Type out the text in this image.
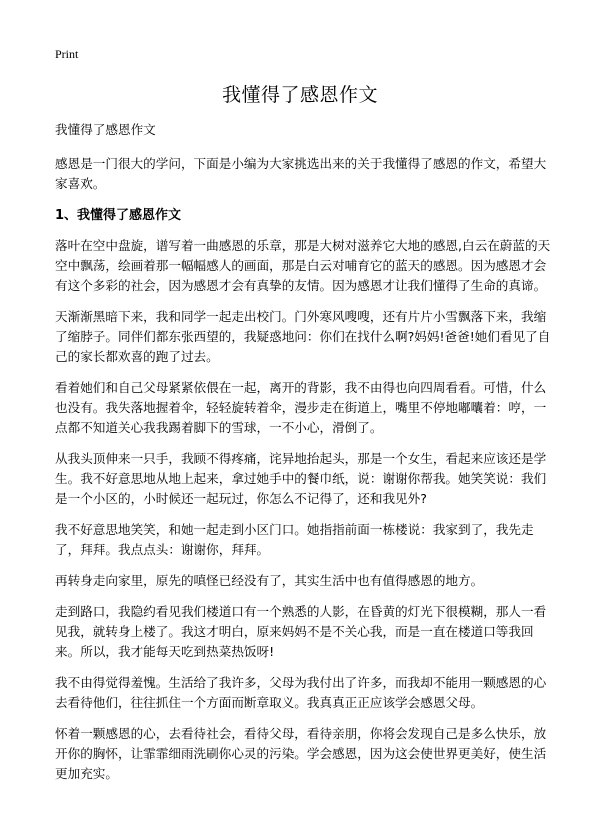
Print
我懂得了感恩作文

我懂得了感恩作文

感恩是一门很大的学问，下面是小编为大家挑选出来的关于我懂得了感恩的作文，希望大家喜欢。

1、我懂得了感恩作文

落叶在空中盘旋，谱写着一曲感恩的乐章，那是大树对滋养它大地的感恩,白云在蔚蓝的天空中飘荡，绘画着那一幅幅感人的画面，那是白云对哺育它的蓝天的感恩。因为感恩才会有这个多彩的社会，因为感恩才会有真挚的友情。因为感恩才让我们懂得了生命的真谛。

天渐渐黑暗下来，我和同学一起走出校门。门外寒风嗖嗖，还有片片小雪飘落下来，我缩了缩脖子。同伴们都东张西望的，我疑惑地问：你们在找什么啊?妈妈!爸爸!她们看见了自己的家长都欢喜的跑了过去。

看着她们和自己父母紧紧依偎在一起，离开的背影，我不由得也向四周看看。可惜，什么也没有。我失落地握着伞，轻轻旋转着伞，漫步走在街道上，嘴里不停地嘟囔着：哼，一点都不知道关心我我踢着脚下的雪球，一不小心，滑倒了。

从我头顶伸来一只手，我顾不得疼痛，诧异地抬起头，那是一个女生，看起来应该还是学生。我不好意思地从地上起来，拿过她手中的餐巾纸，说：谢谢你帮我。她笑笑说：我们是一个小区的，小时候还一起玩过，你怎么不记得了，还和我见外?

我不好意思地笑笑，和她一起走到小区门口。她指指前面一栋楼说：我家到了，我先走了，拜拜。我点点头：谢谢你，拜拜。

再转身走向家里，原先的嗔怪已经没有了，其实生活中也有值得感恩的地方。

走到路口，我隐约看见我们楼道口有一个熟悉的人影，在昏黄的灯光下很模糊，那人一看见我，就转身上楼了。我这才明白，原来妈妈不是不关心我，而是一直在楼道口等我回来。所以，我才能每天吃到热菜热饭呀!

我不由得觉得羞愧。生活给了我许多，父母为我付出了许多，而我却不能用一颗感恩的心去看待他们，往往抓住一个方面而断章取义。我真真正正应该学会感恩父母。

怀着一颗感恩的心，去看待社会，看待父母，看待亲朋，你将会发现自己是多么快乐，放开你的胸怀，让霏霏细雨洗刷你心灵的污染。学会感恩，因为这会使世界更美好，使生活更加充实。
